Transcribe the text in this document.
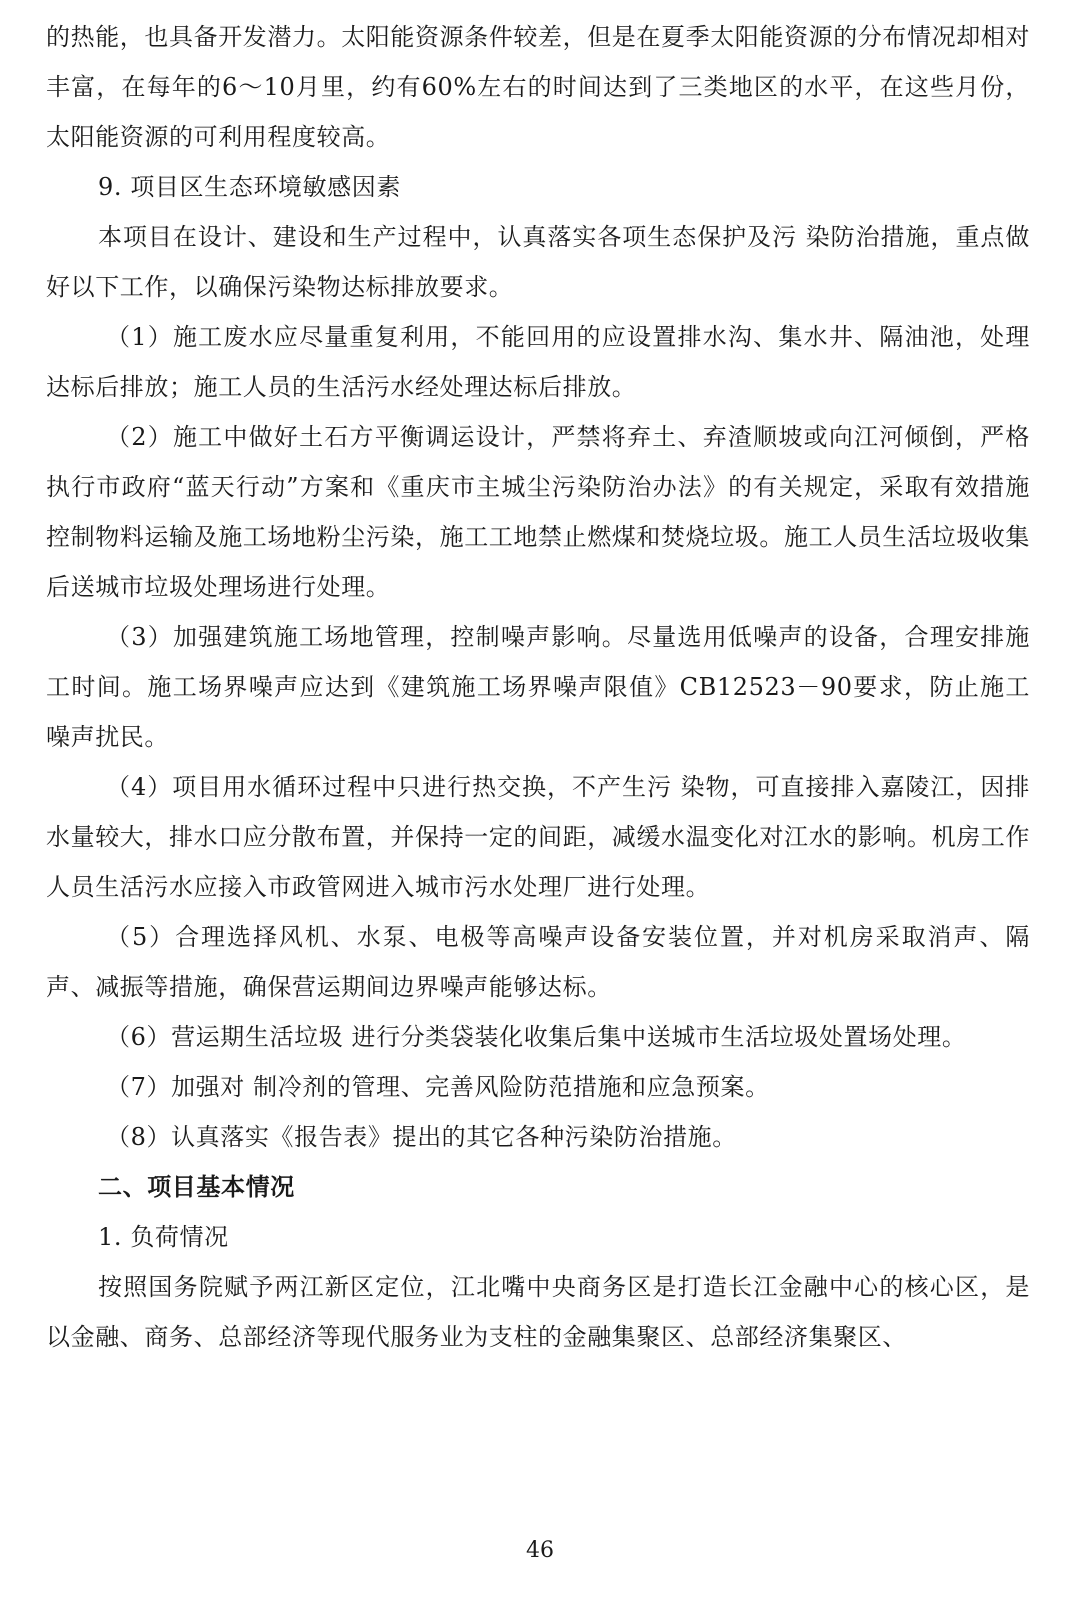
的热能，也具备开发潜力。太阳能资源条件较差，但是在夏季太阳能资源的分布情况却相对丰富，在每年的6～10月里，约有60%左右的时间达到了三类地区的水平，在这些月份，太阳能资源的可利用程度较高。

9. 项目区生态环境敏感因素

本项目在设计、建设和生产过程中，认真落实各项生态保护及污 染防治措施，重点做好以下工作，以确保污染物达标排放要求。

（1）施工废水应尽量重复利用，不能回用的应设置排水沟、集水井、隔油池，处理达标后排放；施工人员的生活污水经处理达标后排放。

（2）施工中做好土石方平衡调运设计，严禁将弃土、弃渣顺坡或向江河倾倒，严格执行市政府“蓝天行动”方案和《重庆市主城尘污染防治办法》的有关规定，采取有效措施控制物料运输及施工场地粉尘污染，施工工地禁止燃煤和焚烧垃圾。施工人员生活垃圾收集后送城市垃圾处理场进行处理。

（3）加强建筑施工场地管理，控制噪声影响。尽量选用低噪声的设备，合理安排施工时间。施工场界噪声应达到《建筑施工场界噪声限值》CB12523－90要求，防止施工噪声扰民。

（4）项目用水循环过程中只进行热交换，不产生污 染物，可直接排入嘉陵江，因排水量较大，排水口应分散布置，并保持一定的间距，减缓水温变化对江水的影响。机房工作人员生活污水应接入市政管网进入城市污水处理厂进行处理。

（5）合理选择风机、水泵、电极等高噪声设备安装位置，并对机房采取消声、隔声、减振等措施，确保营运期间边界噪声能够达标。

（6）营运期生活垃圾 进行分类袋装化收集后集中送城市生活垃圾处置场处理。

（7）加强对 制冷剂的管理、完善风险防范措施和应急预案。

（8）认真落实《报告表》提出的其它各种污染防治措施。

二、项目基本情况

1. 负荷情况

按照国务院赋予两江新区定位，江北嘴中央商务区是打造长江金融中心的核心区，是以金融、商务、总部经济等现代服务业为支柱的金融集聚区、总部经济集聚区、

46
